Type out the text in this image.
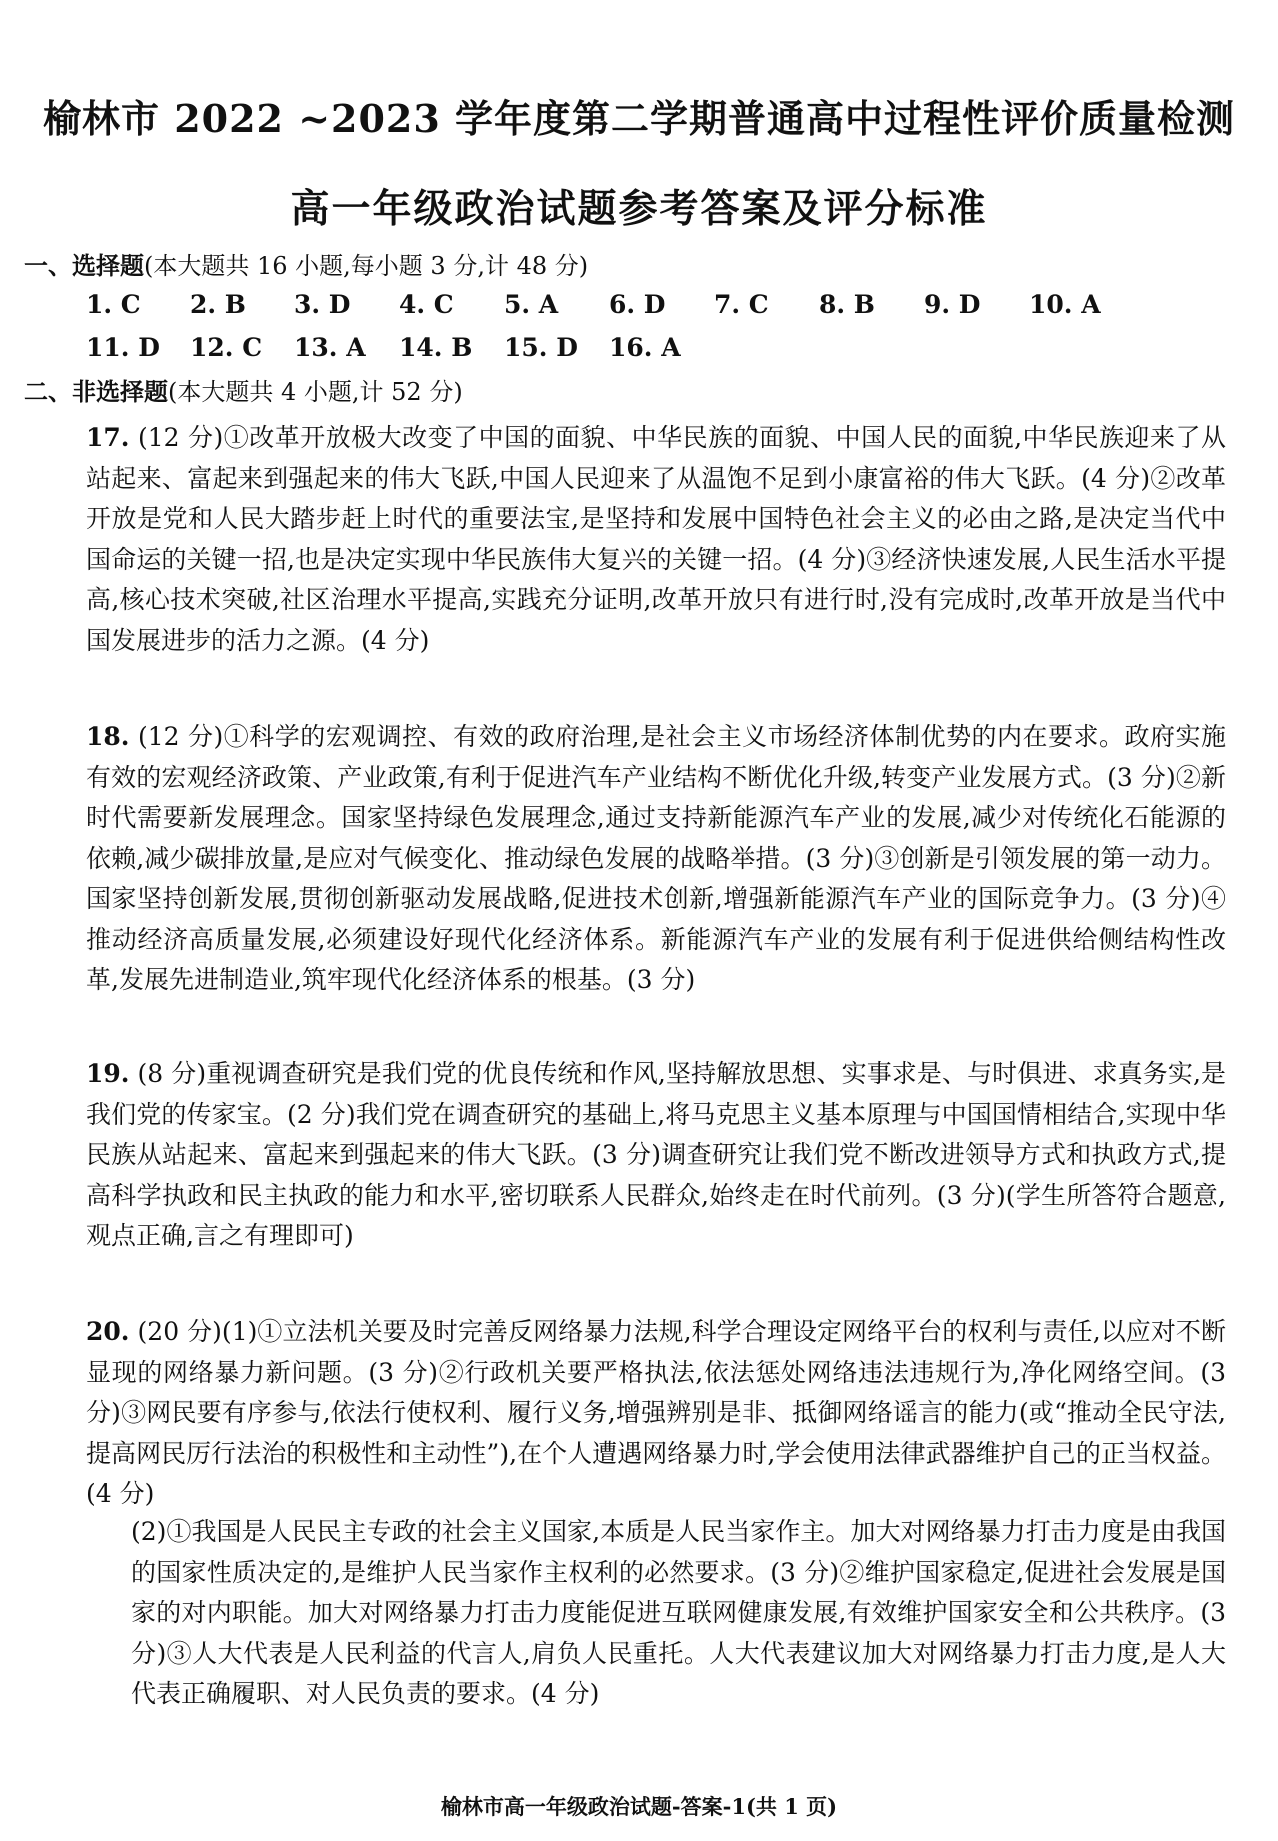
榆林市 2022 ~2023 学年度第二学期普通高中过程性评价质量检测
高一年级政治试题参考答案及评分标准
一、选择题(本大题共 16 小题,每小题 3 分,计 48 分)
1. C 2. B 3. D 4. C 5. A 6. D 7. C 8. B 9. D 10. A
11. D 12. C 13. A 14. B 15. D 16. A
二、非选择题(本大题共 4 小题,计 52 分)
17. (12 分)①改革开放极大改变了中国的面貌、中华民族的面貌、中国人民的面貌,中华民族迎来了从站起来、富起来到强起来的伟大飞跃,中国人民迎来了从温饱不足到小康富裕的伟大飞跃。(4 分)②改革开放是党和人民大踏步赶上时代的重要法宝,是坚持和发展中国特色社会主义的必由之路,是决定当代中国命运的关键一招,也是决定实现中华民族伟大复兴的关键一招。(4 分)③经济快速发展,人民生活水平提高,核心技术突破,社区治理水平提高,实践充分证明,改革开放只有进行时,没有完成时,改革开放是当代中国发展进步的活力之源。(4 分)
18. (12 分)①科学的宏观调控、有效的政府治理,是社会主义市场经济体制优势的内在要求。政府实施有效的宏观经济政策、产业政策,有利于促进汽车产业结构不断优化升级,转变产业发展方式。(3 分)②新时代需要新发展理念。国家坚持绿色发展理念,通过支持新能源汽车产业的发展,减少对传统化石能源的依赖,减少碳排放量,是应对气候变化、推动绿色发展的战略举措。(3 分)③创新是引领发展的第一动力。国家坚持创新发展,贯彻创新驱动发展战略,促进技术创新,增强新能源汽车产业的国际竞争力。(3 分)④推动经济高质量发展,必须建设好现代化经济体系。新能源汽车产业的发展有利于促进供给侧结构性改革,发展先进制造业,筑牢现代化经济体系的根基。(3 分)
19. (8 分)重视调查研究是我们党的优良传统和作风,坚持解放思想、实事求是、与时俱进、求真务实,是我们党的传家宝。(2 分)我们党在调查研究的基础上,将马克思主义基本原理与中国国情相结合,实现中华民族从站起来、富起来到强起来的伟大飞跃。(3 分)调查研究让我们党不断改进领导方式和执政方式,提高科学执政和民主执政的能力和水平,密切联系人民群众,始终走在时代前列。(3 分)(学生所答符合题意,观点正确,言之有理即可)
20. (20 分)(1)①立法机关要及时完善反网络暴力法规,科学合理设定网络平台的权利与责任,以应对不断显现的网络暴力新问题。(3 分)②行政机关要严格执法,依法惩处网络违法违规行为,净化网络空间。(3 分)③网民要有序参与,依法行使权利、履行义务,增强辨别是非、抵御网络谣言的能力(或“推动全民守法,提高网民厉行法治的积极性和主动性”),在个人遭遇网络暴力时,学会使用法律武器维护自己的正当权益。(4 分)
(2)①我国是人民民主专政的社会主义国家,本质是人民当家作主。加大对网络暴力打击力度是由我国的国家性质决定的,是维护人民当家作主权利的必然要求。(3 分)②维护国家稳定,促进社会发展是国家的对内职能。加大对网络暴力打击力度能促进互联网健康发展,有效维护国家安全和公共秩序。(3 分)③人大代表是人民利益的代言人,肩负人民重托。人大代表建议加大对网络暴力打击力度,是人大代表正确履职、对人民负责的要求。(4 分)
榆林市高一年级政治试题-答案-1(共 1 页)
